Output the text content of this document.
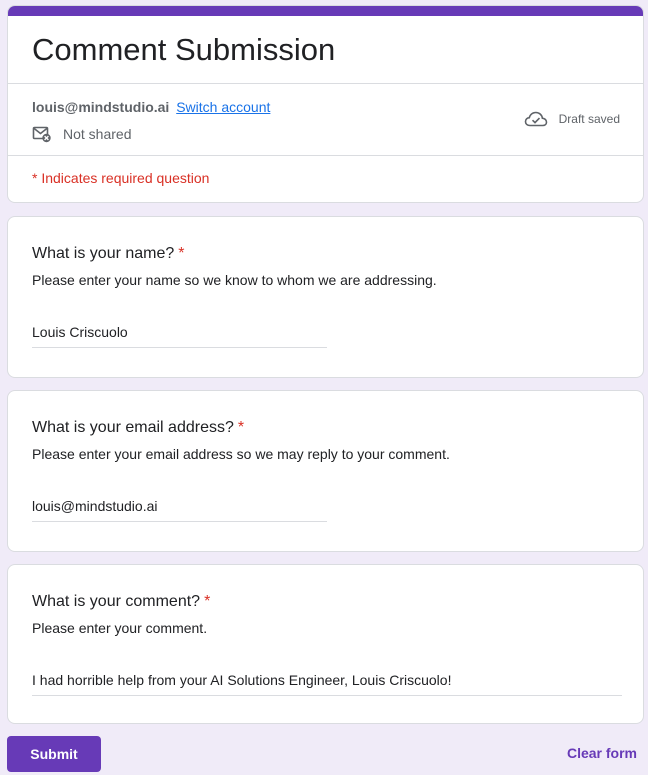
Comment Submission
louis@mindstudio.ai Switch account
Not shared
Draft saved
* Indicates required question
What is your name? *
Please enter your name so we know to whom we are addressing.
Louis Criscuolo
What is your email address? *
Please enter your email address so we may reply to your comment.
louis@mindstudio.ai
What is your comment? *
Please enter your comment.
I had horrible help from your AI Solutions Engineer, Louis Criscuolo!
Submit	Clear form
